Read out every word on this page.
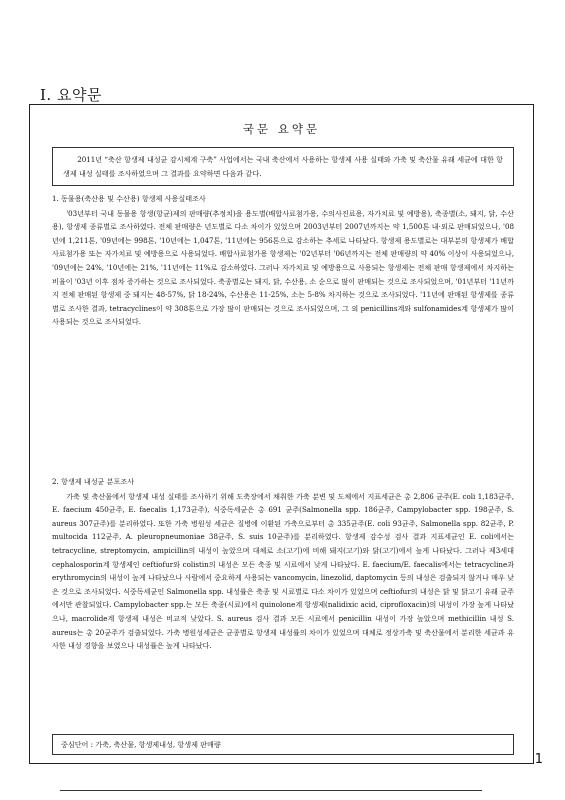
Ⅰ. 요약문
국문 요약문

2011년 “축산 항생제 내성균 감시체계 구축” 사업에서는 국내 축산에서 사용하는 항생제 사용 실태와 가축 및 축산물 유래 세균에 대한 항생제 내성 실태를 조사하였으며 그 결과를 요약하면 다음과 같다.

1. 동물용(축산용 및 수산용) 항생제 사용실태조사

'03년부터 국내 동물용 항생(항균)제의 판매량(추정치)을 용도별(배합사료첨가용, 수의사진료용, 자가치료 및 예방용), 축종별(소, 돼지, 닭, 수산용), 항생제 종류별로 조사하였다. 전체 판매량은 년도별로 다소 차이가 있었으며 2003년부터 2007년까지는 약 1,500톤 내·외로 판매되었으나, '08년에 1,211톤, '09년에는 998톤, '10년에는 1,047톤, '11년에는 956톤으로 감소하는 추세로 나타났다. 항생제 용도별로는 대부분의 항생제가 배합사료첨가용 또는 자가치료 및 예방용으로 사용되었다. 배합사료첨가용 항생제는 '02년부터 '06년까지는 전체 판매량의 약 40% 이상이 사용되었으나, '09년에는 24%, '10년에는 21%, '11년에는 11%로 감소하였다. 그러나 자가치료 및 예방용으로 사용되는 항생제는 전체 판매 항생제에서 차지하는 비율이 '03년 이후 점차 증가하는 것으로 조사되었다. 축종별로는 돼지, 닭, 수산용, 소 순으로 많이 판매되는 것으로 조사되었으며, '01년부터 '11년까지 전체 판매된 항생제 중 돼지는 48-57%, 닭 18-24%, 수산용은 11-25%, 소는 5-8% 차지하는 것으로 조사되었다. '11년에 판매된 항생제를 종류별로 조사한 결과, tetracyclines이 약 308톤으로 가장 많이 판매되는 것으로 조사되었으며, 그 외 penicillins계와 sulfonamides계 항생제가 많이 사용되는 것으로 조사되었다.

2. 항생제 내성균 분포조사

가축 및 축산물에서 항생제 내성 실태를 조사하기 위해 도축장에서 채취한 가축 분변 및 도체에서 지표세균은 총 2,806 균주(E. coli 1,183균주, E. faecium 450균주, E. faecalis 1,173균주), 식중독세균은 총 691 균주(Salmonella spp. 186균주, Campylobacter spp. 198균주, S. aureus 307균주)를 분리하였다. 또한 가축 병원성 세균은 질병에 이환된 가축으로부터 총 335균주(E. coli 93균주, Salmonella spp. 82균주, P. multocida 112균주, A. pleuropneumoniae 38균주, S. suis 10균주)를 분리하였다. 항생제 감수성 검사 결과 지표세균인 E. coli에서는 tetracycline, streptomycin, ampicillin의 내성이 높았으며 대체로 소(고기)에 비해 돼지(고기)와 닭(고기)에서 높게 나타났다. 그러나 제3세대 cephalosporin계 항생제인 ceftiofur와 colistin의 내성은 모든 축종 및 시료에서 낮게 나타났다. E. faecium/E. faecalis에서는 tetracycline과 erythromycin의 내성이 높게 나타났으나 사람에서 중요하게 사용되는 vancomycin, linezolid, daptomycin 등의 내성은 검출되지 않거나 매우 낮은 것으로 조사되었다. 식중독세균인 Salmonella spp. 내성률은 축종 및 시료별로 다소 차이가 있었으며 ceftiofur의 내성은 닭 및 닭고기 유래 균주에서만 관찰되었다. Campylobacter spp.는 모든 축종(시료)에서 quinolone계 항생제(nalidixic acid, ciprofloxacin)의 내성이 가장 높게 나타났으나, macrolide계 항생제 내성은 비교적 낮았다. S. aureus 검사 결과 모든 시료에서 penicillin 내성이 가장 높았으며 methicillin 내성 S. aureus는 총 20균주가 검출되었다. 가축 병원성세균은 균종별로 항생제 내성률의 차이가 있었으며 대체로 정상가축 및 축산물에서 분리한 세균과 유사한 내성 경향을 보였으나 내성률은 높게 나타났다.

중심단어 : 가축, 축산물, 항생제내성, 항생제 판매량
1
